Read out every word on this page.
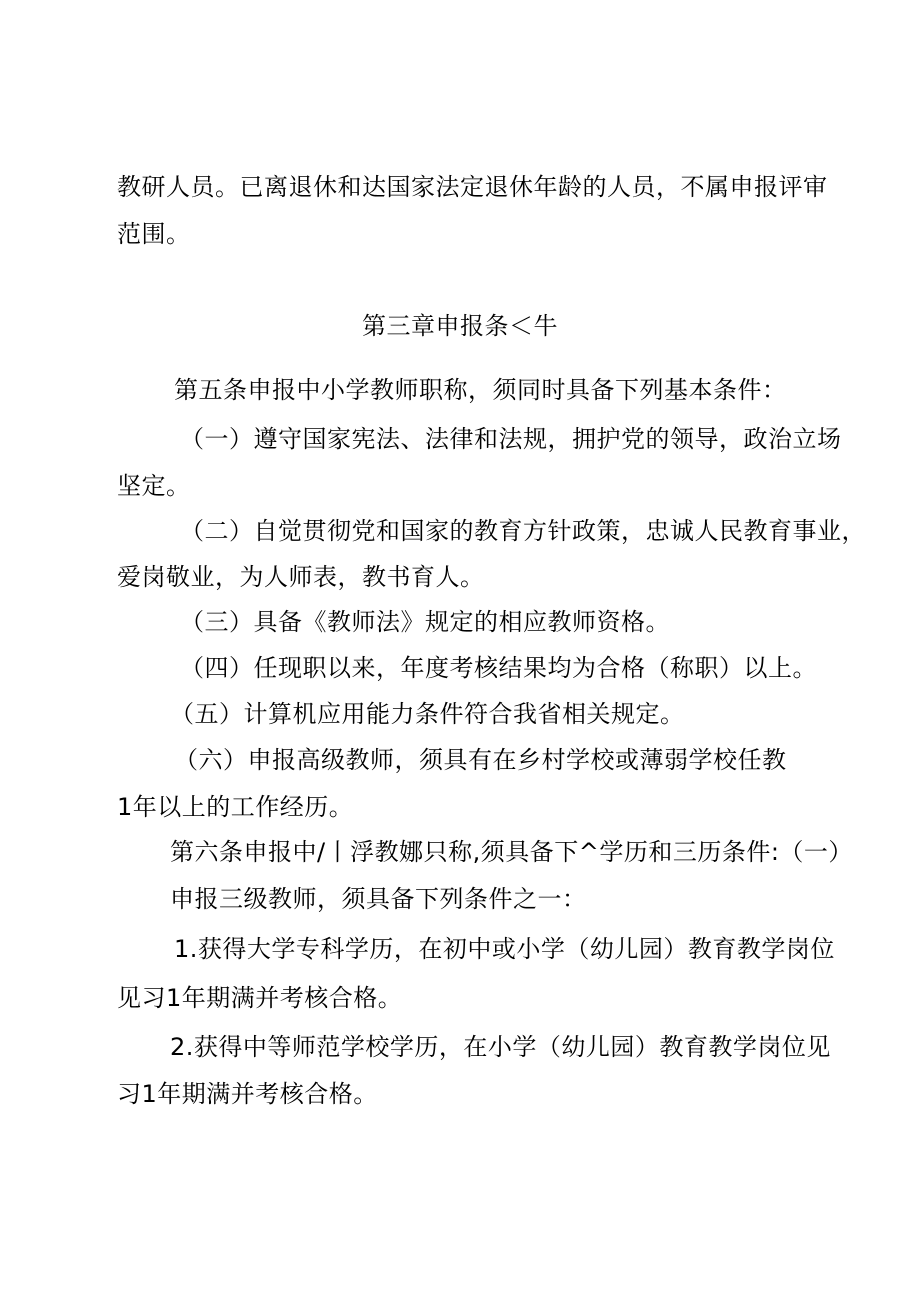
教研人员。已离退休和达国家法定退休年龄的人员，不属申报评审
范围。
第三章申报条＜牛
第五条申报中小学教师职称，须同时具备下列基本条件：
（一）遵守国家宪法、法律和法规，拥护党的领导，政治立场
坚定。
（二）自觉贯彻党和国家的教育方针政策，忠诚人民教育事业，
爱岗敬业，为人师表，教书育人。
（三）具备《教师法》规定的相应教师资格。
（四）任现职以来，年度考核结果均为合格（称职）以上。
（五）计算机应用能力条件符合我省相关规定。
（六）申报高级教师，须具有在乡村学校或薄弱学校任教
1年以上的工作经历。
第六条申报中/丨浮教娜只称,须具备下^学历和三历条件:（一）
申报三级教师，须具备下列条件之一：
1.获得大学专科学历，在初中或小学（幼儿园）教育教学岗位
见习1年期满并考核合格。
2.获得中等师范学校学历，在小学（幼儿园）教育教学岗位见
习1年期满并考核合格。
